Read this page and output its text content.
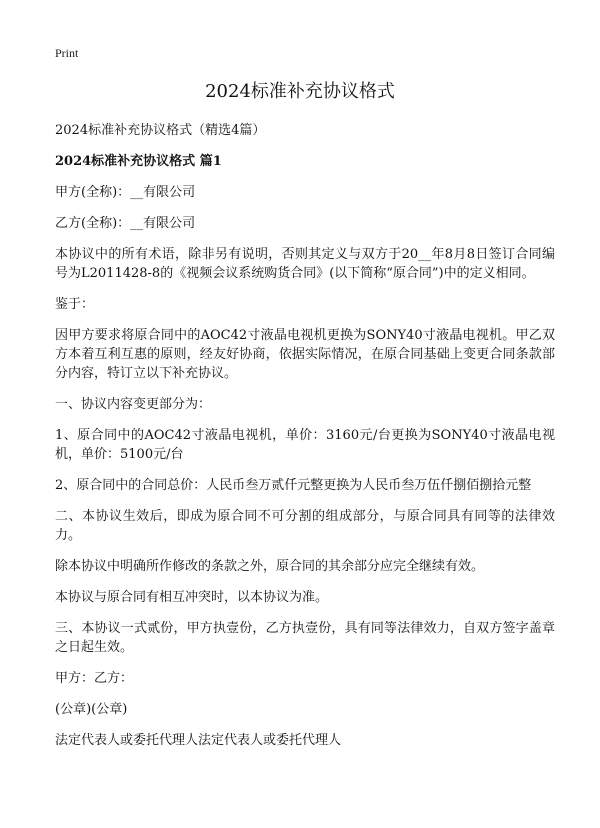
Print
2024标准补充协议格式

2024标准补充协议格式（精选4篇）

2024标准补充协议格式 篇1

甲方(全称)：__有限公司

乙方(全称)：__有限公司

本协议中的所有术语，除非另有说明，否则其定义与双方于20__年8月8日签订合同编号为L2011428-8的《视频会议系统购货合同》(以下简称“原合同”)中的定义相同。

鉴于：

因甲方要求将原合同中的AOC42寸液晶电视机更换为SONY40寸液晶电视机。甲乙双方本着互利互惠的原则，经友好协商，依据实际情况，在原合同基础上变更合同条款部分内容，特订立以下补充协议。

一、协议内容变更部分为：

1、原合同中的AOC42寸液晶电视机，单价：3160元/台更换为SONY40寸液晶电视机，单价：5100元/台

2、原合同中的合同总价：人民币叁万贰仟元整更换为人民币叁万伍仟捌佰捌拾元整

二、本协议生效后，即成为原合同不可分割的组成部分，与原合同具有同等的法律效力。

除本协议中明确所作修改的条款之外，原合同的其余部分应完全继续有效。

本协议与原合同有相互冲突时，以本协议为准。

三、本协议一式贰份，甲方执壹份，乙方执壹份，具有同等法律效力，自双方签字盖章之日起生效。

甲方：乙方：

(公章)(公章)

法定代表人或委托代理人法定代表人或委托代理人
